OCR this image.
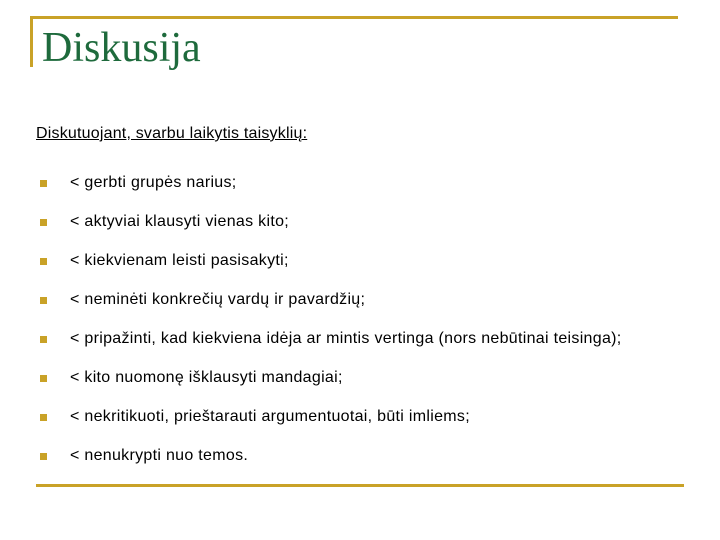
Diskusija
Diskutuojant, svarbu laikytis taisyklių:
< gerbti grupės narius;
< aktyviai klausyti vienas kito;
< kiekvienam leisti pasisakyti;
< neminėti konkrečių vardų ir pavardžių;
< pripažinti, kad kiekviena idėja ar mintis vertinga (nors nebūtinai teisinga);
< kito nuomonę išklausyti mandagiai;
< nekritikuoti, prieštarauti argumentuotai, būti imliems;
< nenukrypti nuo temos.
